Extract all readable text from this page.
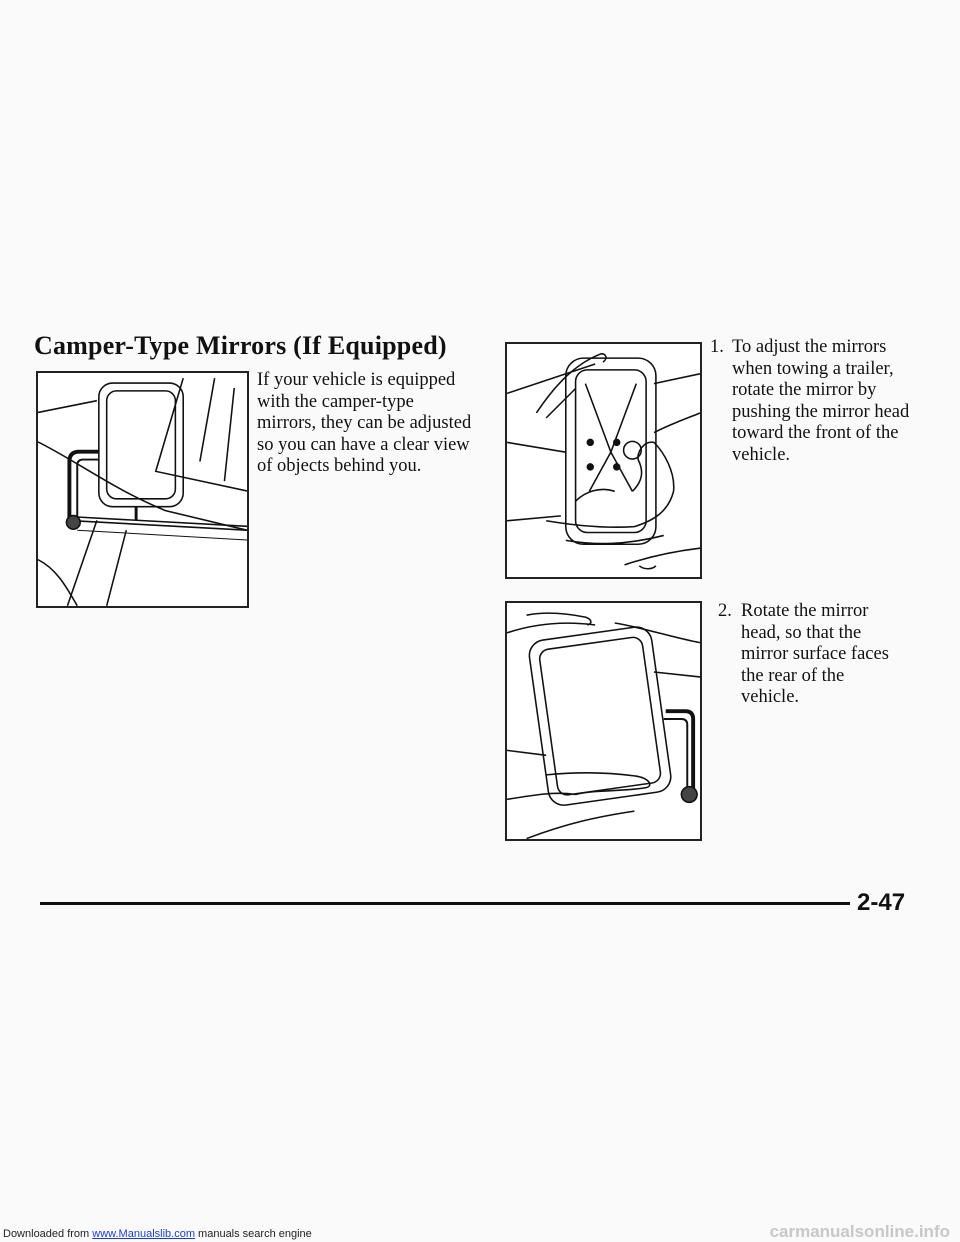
Camper-Type Mirrors (If Equipped)

If your vehicle is equipped with the camper-type mirrors, they can be adjusted so you can have a clear view of objects behind you.

1. To adjust the mirrors when towing a trailer, rotate the mirror by pushing the mirror head toward the front of the vehicle.
2. Rotate the mirror head, so that the mirror surface faces the rear of the vehicle.
2-47
Downloaded from www.Manualslib.com manuals search engine	carmanualsonline.info
